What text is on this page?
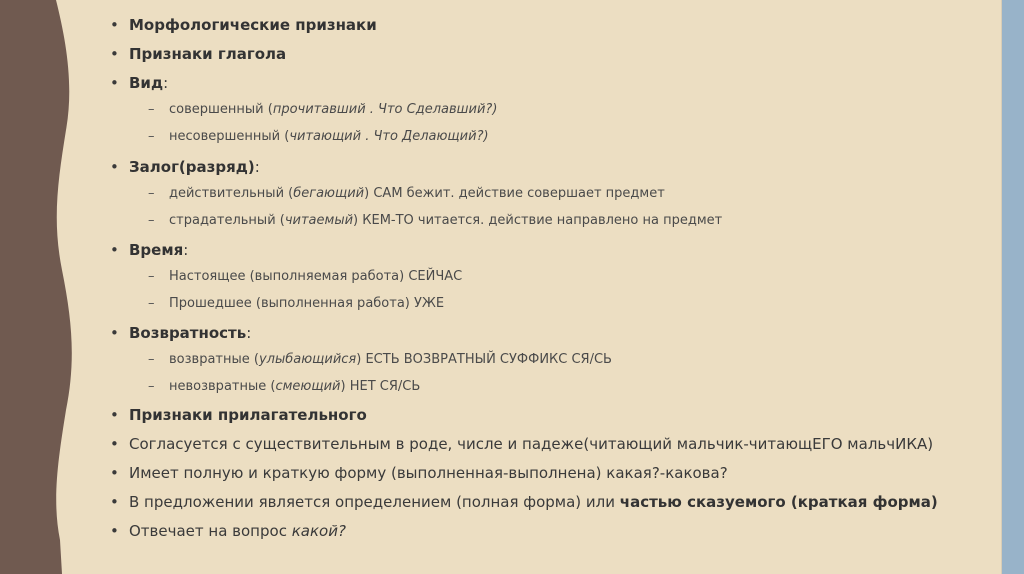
• Морфологические признаки
• Признаки глагола
• Вид:
–	совершенный (прочитавший . Что Сделавший?)
–	несовершенный (читающий . Что Делающий?)
• Залог(разряд):
–	действительный (бегающий) САМ бежит. действие совершает предмет
–	страдательный (читаемый) КЕМ-ТО читается. действие направлено на предмет
• Время:
–	Настоящее (выполняемая работа) СЕЙЧАС
–	Прошедшее (выполненная работа) УЖЕ
• Возвратность:
–	возвратные (улыбающийся) ЕСТЬ ВОЗВРАТНЫЙ СУФФИКС СЯ/СЬ
–	невозвратные (смеющий) НЕТ СЯ/СЬ
• Признаки прилагательного
• Согласуется с существительным в роде, числе и падеже(читающий мальчик-читающЕГО мальчИКА)
• Имеет полную и краткую форму (выполненная-выполнена) какая?-какова?
• В предложении является определением (полная форма) или частью сказуемого (краткая форма)
• Отвечает на вопрос какой?
